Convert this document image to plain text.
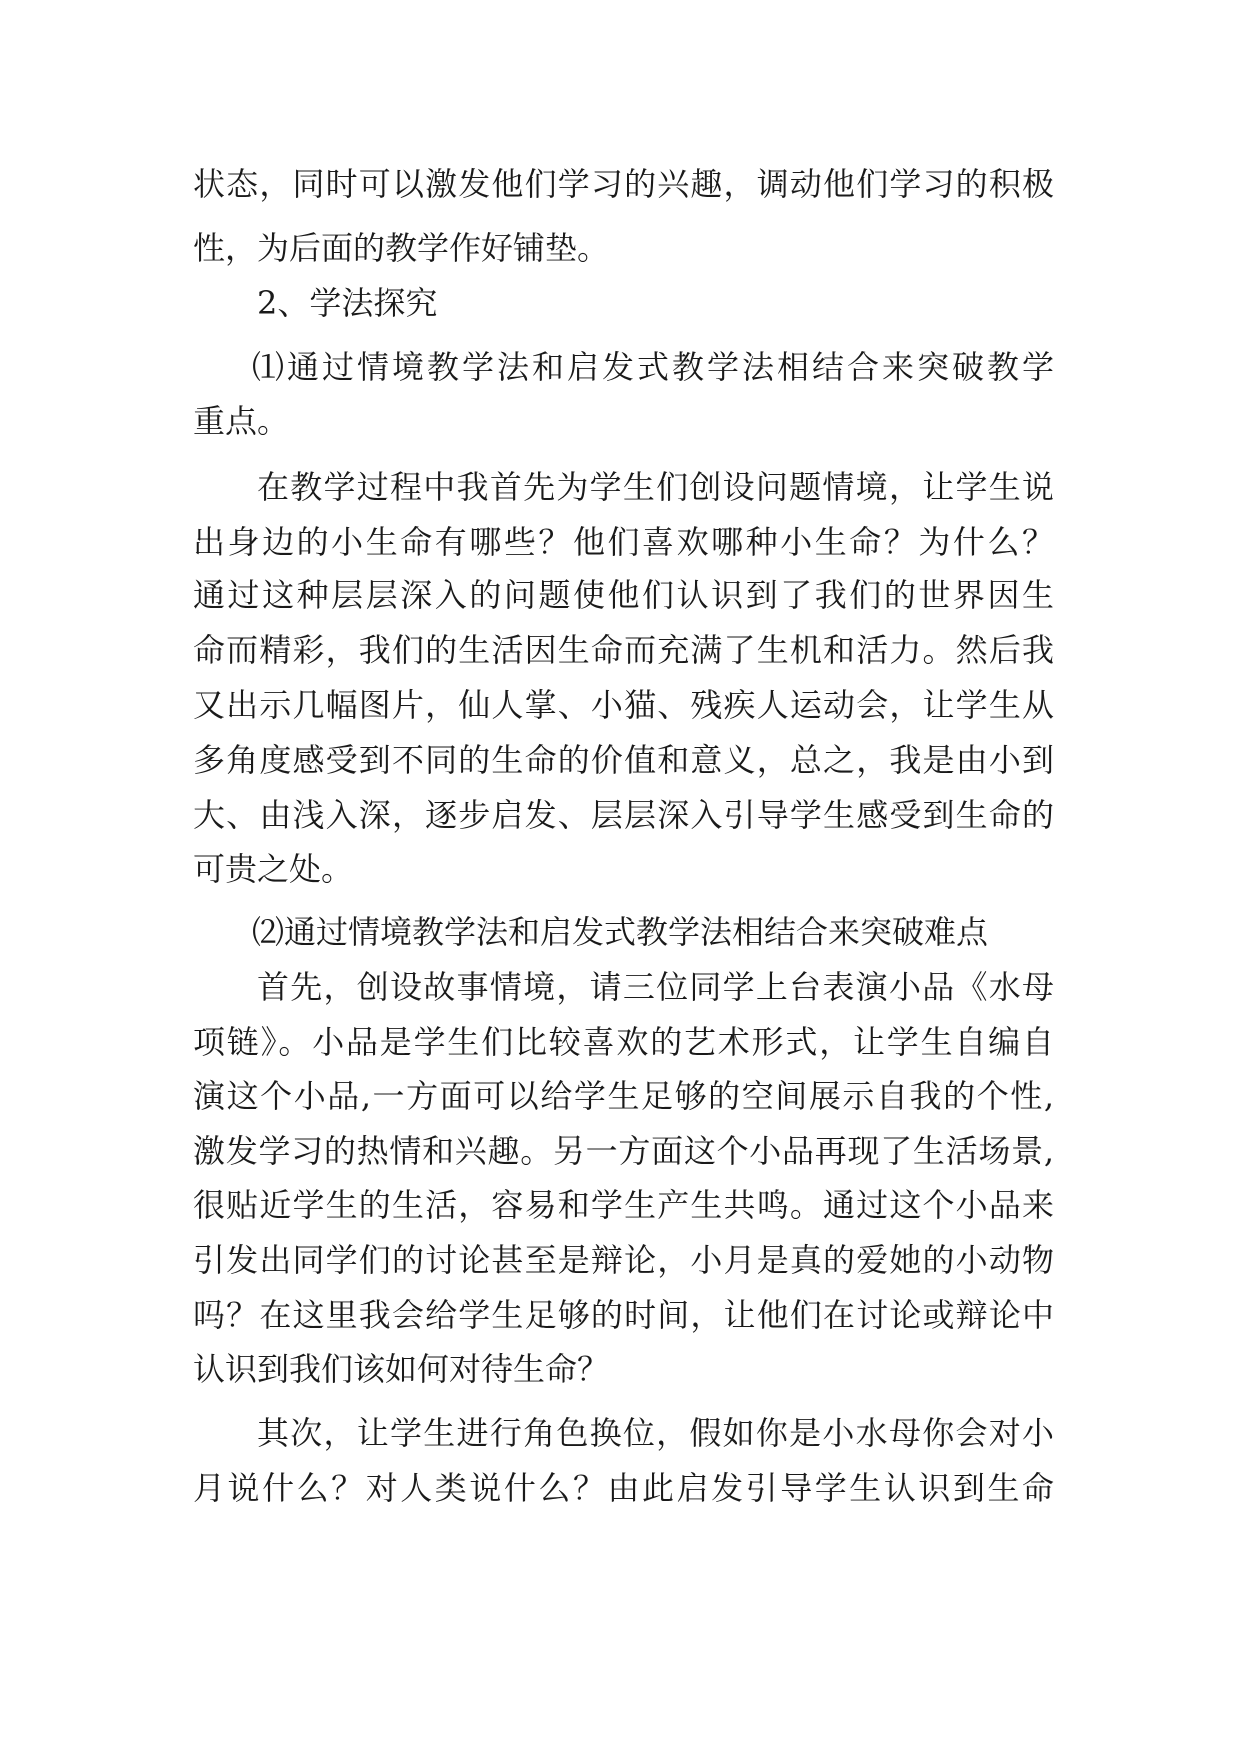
状态，同时可以激发他们学习的兴趣，调动他们学习的积极
性，为后面的教学作好铺垫。
2、学法探究
⑴通过情境教学法和启发式教学法相结合来突破教学
重点。
在教学过程中我首先为学生们创设问题情境，让学生说
出身边的小生命有哪些？他们喜欢哪种小生命？为什么？
通过这种层层深入的问题使他们认识到了我们的世界因生
命而精彩，我们的生活因生命而充满了生机和活力。然后我
又出示几幅图片，仙人掌、小猫、残疾人运动会，让学生从
多角度感受到不同的生命的价值和意义，总之，我是由小到
大、由浅入深，逐步启发、层层深入引导学生感受到生命的
可贵之处。
⑵通过情境教学法和启发式教学法相结合来突破难点
首先，创设故事情境，请三位同学上台表演小品《水母
项链》。小品是学生们比较喜欢的艺术形式，让学生自编自
演这个小品,一方面可以给学生足够的空间展示自我的个性,
激发学习的热情和兴趣。另一方面这个小品再现了生活场景,
很贴近学生的生活，容易和学生产生共鸣。通过这个小品来
引发出同学们的讨论甚至是辩论，小月是真的爱她的小动物
吗？在这里我会给学生足够的时间，让他们在讨论或辩论中
认识到我们该如何对待生命？
其次，让学生进行角色换位，假如你是小水母你会对小
月说什么？对人类说什么？由此启发引导学生认识到生命
